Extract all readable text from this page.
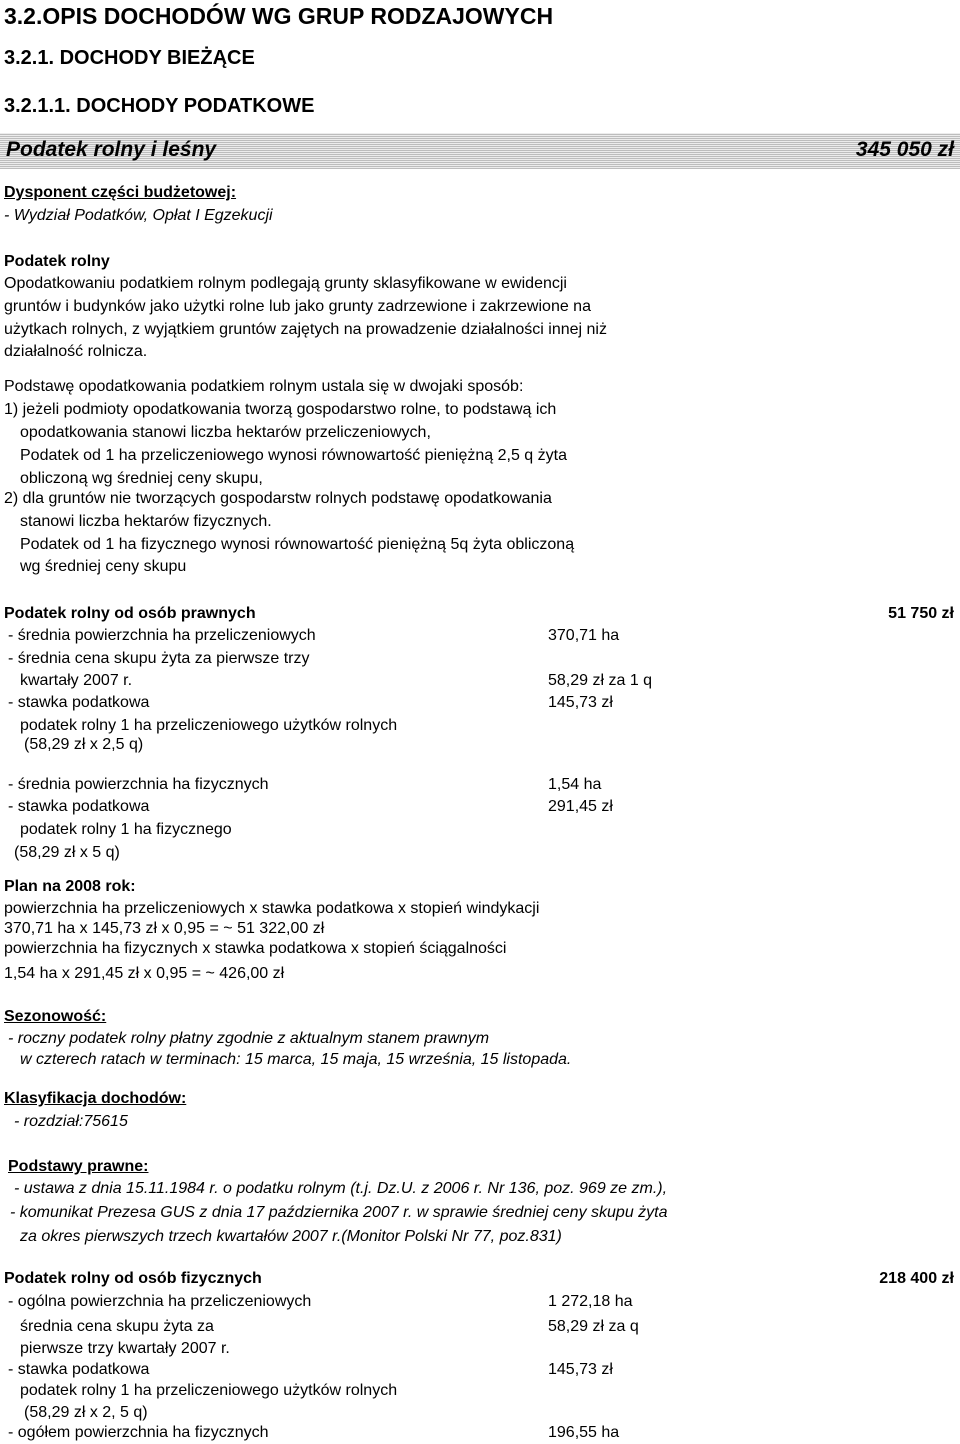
3.2.OPIS DOCHODÓW WG GRUP RODZAJOWYCH
3.2.1. DOCHODY BIEŻĄCE
3.2.1.1. DOCHODY PODATKOWE
Podatek rolny i leśny	345 050 zł
Dysponent części budżetowej:
- Wydział Podatków, Opłat I Egzekucji
Podatek rolny
Opodatkowaniu podatkiem rolnym podlegają grunty sklasyfikowane w ewidencji
gruntów i budynków jako użytki rolne lub jako grunty zadrzewione i zakrzewione na
użytkach rolnych, z wyjątkiem gruntów zajętych na prowadzenie działalności innej niż
działalność rolnicza.
Podstawę opodatkowania podatkiem rolnym ustala się w dwojaki sposób:
1) jeżeli podmioty opodatkowania tworzą gospodarstwo rolne, to podstawą ich
opodatkowania stanowi liczba hektarów przeliczeniowych,
Podatek od 1 ha przeliczeniowego wynosi równowartość pieniężną 2,5 q żyta
obliczoną wg średniej ceny skupu,
2) dla gruntów nie tworzących gospodarstw rolnych podstawę opodatkowania
stanowi liczba hektarów fizycznych.
Podatek od 1 ha fizycznego wynosi równowartość pieniężną 5q żyta obliczoną
wg średniej ceny skupu
Podatek rolny od osób prawnych	51 750 zł
- średnia powierzchnia ha przeliczeniowych	370,71 ha
- średnia cena skupu żyta za pierwsze trzy
kwartały 2007 r.	58,29 zł za 1 q
- stawka podatkowa	145,73 zł
podatek rolny 1 ha przeliczeniowego użytków rolnych
(58,29 zł x 2,5 q)
- średnia powierzchnia ha fizycznych	1,54 ha
- stawka podatkowa	291,45 zł
podatek rolny 1 ha fizycznego
(58,29 zł x 5 q)
Plan na 2008 rok:
powierzchnia ha przeliczeniowych x stawka podatkowa x stopień windykacji
370,71 ha x 145,73 zł x 0,95 = ~ 51 322,00 zł
powierzchnia ha fizycznych x stawka podatkowa x stopień ściągalności
1,54 ha x 291,45 zł x 0,95 = ~ 426,00 zł
Sezonowość:
- roczny podatek rolny płatny zgodnie z aktualnym stanem prawnym
w czterech ratach w terminach: 15 marca, 15 maja, 15 września, 15 listopada.
Klasyfikacja dochodów:
- rozdział:75615
Podstawy prawne:
- ustawa z dnia 15.11.1984 r. o podatku rolnym (t.j. Dz.U. z 2006 r. Nr 136, poz. 969 ze zm.),
- komunikat Prezesa GUS z dnia 17 października 2007 r. w sprawie średniej ceny skupu żyta
za okres pierwszych trzech kwartałów 2007 r.(Monitor Polski Nr 77, poz.831)
Podatek rolny od osób fizycznych	218 400 zł
- ogólna powierzchnia ha przeliczeniowych	1 272,18 ha
średnia cena skupu żyta za	58,29 zł za q
pierwsze trzy kwartały 2007 r.
- stawka podatkowa	145,73 zł
podatek rolny 1 ha przeliczeniowego użytków rolnych
(58,29 zł x 2, 5 q)
- ogółem powierzchnia ha fizycznych	196,55 ha
